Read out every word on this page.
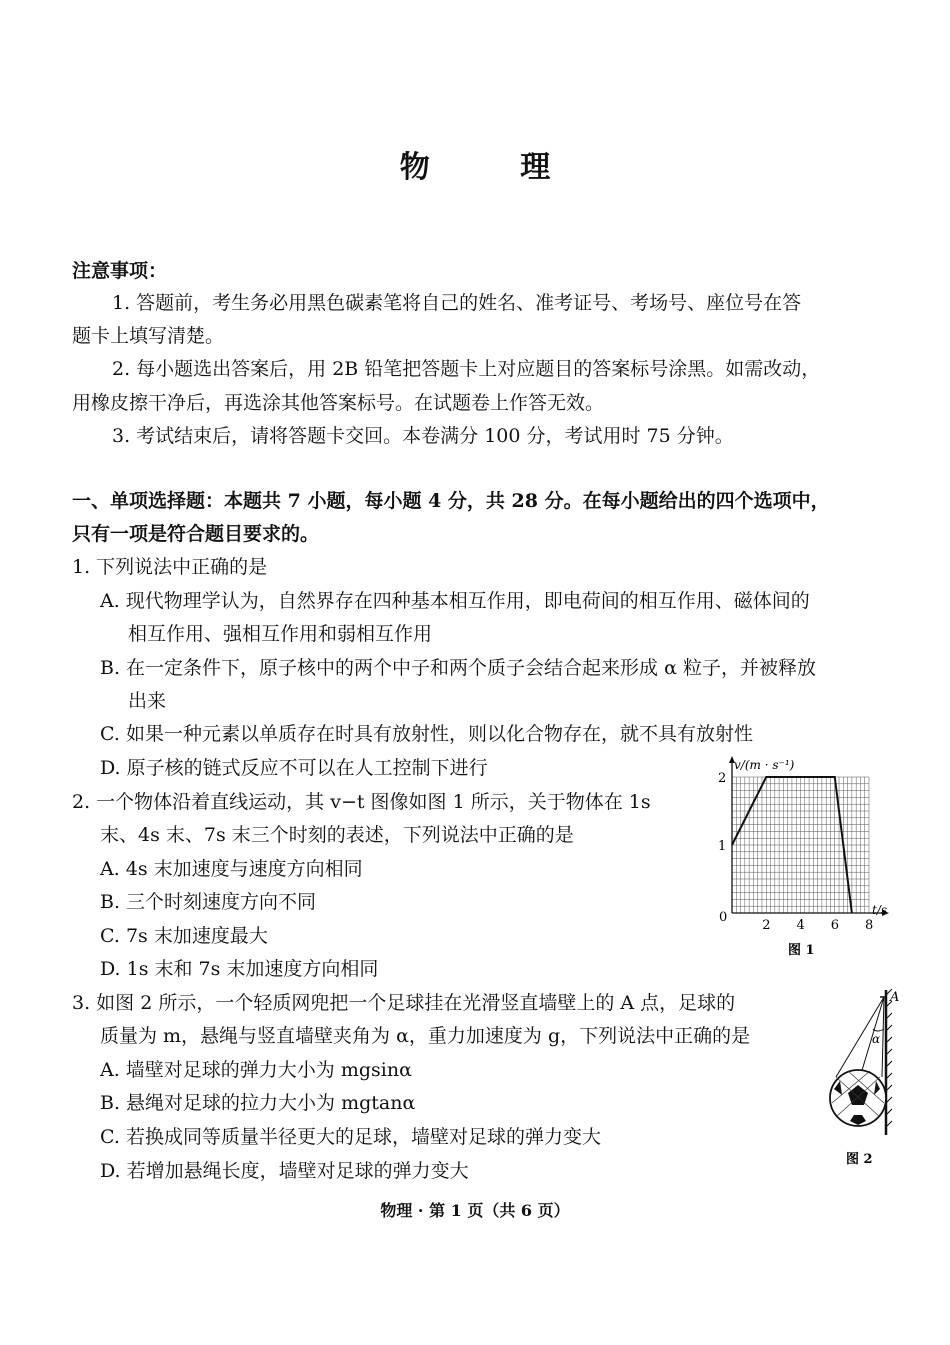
物 理
注意事项：
1. 答题前，考生务必用黑色碳素笔将自己的姓名、准考证号、考场号、座位号在答
题卡上填写清楚。
2. 每小题选出答案后，用 2B 铅笔把答题卡上对应题目的答案标号涂黑。如需改动，
用橡皮擦干净后，再选涂其他答案标号。在试题卷上作答无效。
3. 考试结束后，请将答题卡交回。本卷满分 100 分，考试用时 75 分钟。
一、单项选择题：本题共 7 小题，每小题 4 分，共 28 分。在每小题给出的四个选项中，
只有一项是符合题目要求的。
1. 下列说法中正确的是
A. 现代物理学认为，自然界存在四种基本相互作用，即电荷间的相互作用、磁体间的
相互作用、强相互作用和弱相互作用
B. 在一定条件下，原子核中的两个中子和两个质子会结合起来形成 α 粒子，并被释放
出来
C. 如果一种元素以单质存在时具有放射性，则以化合物存在，就不具有放射性
D. 原子核的链式反应不可以在人工控制下进行
2. 一个物体沿着直线运动，其 v−t 图像如图 1 所示，关于物体在 1s
末、4s 末、7s 末三个时刻的表述，下列说法中正确的是
A. 4s 末加速度与速度方向相同
B. 三个时刻速度方向不同
C. 7s 末加速度最大
D. 1s 末和 7s 末加速度方向相同
2 4 6 8
1
2
v/(m · s⁻¹)
t/s
0
图 1
3. 如图 2 所示，一个轻质网兜把一个足球挂在光滑竖直墙壁上的 A 点，足球的
质量为 m，悬绳与竖直墙壁夹角为 α，重力加速度为 g，下列说法中正确的是
A. 墙壁对足球的弹力大小为 mgsinα
B. 悬绳对足球的拉力大小为 mgtanα
C. 若换成同等质量半径更大的足球，墙壁对足球的弹力变大
D. 若增加悬绳长度，墙壁对足球的弹力变大
A
α
图 2
物理 · 第 1 页（共 6 页）
